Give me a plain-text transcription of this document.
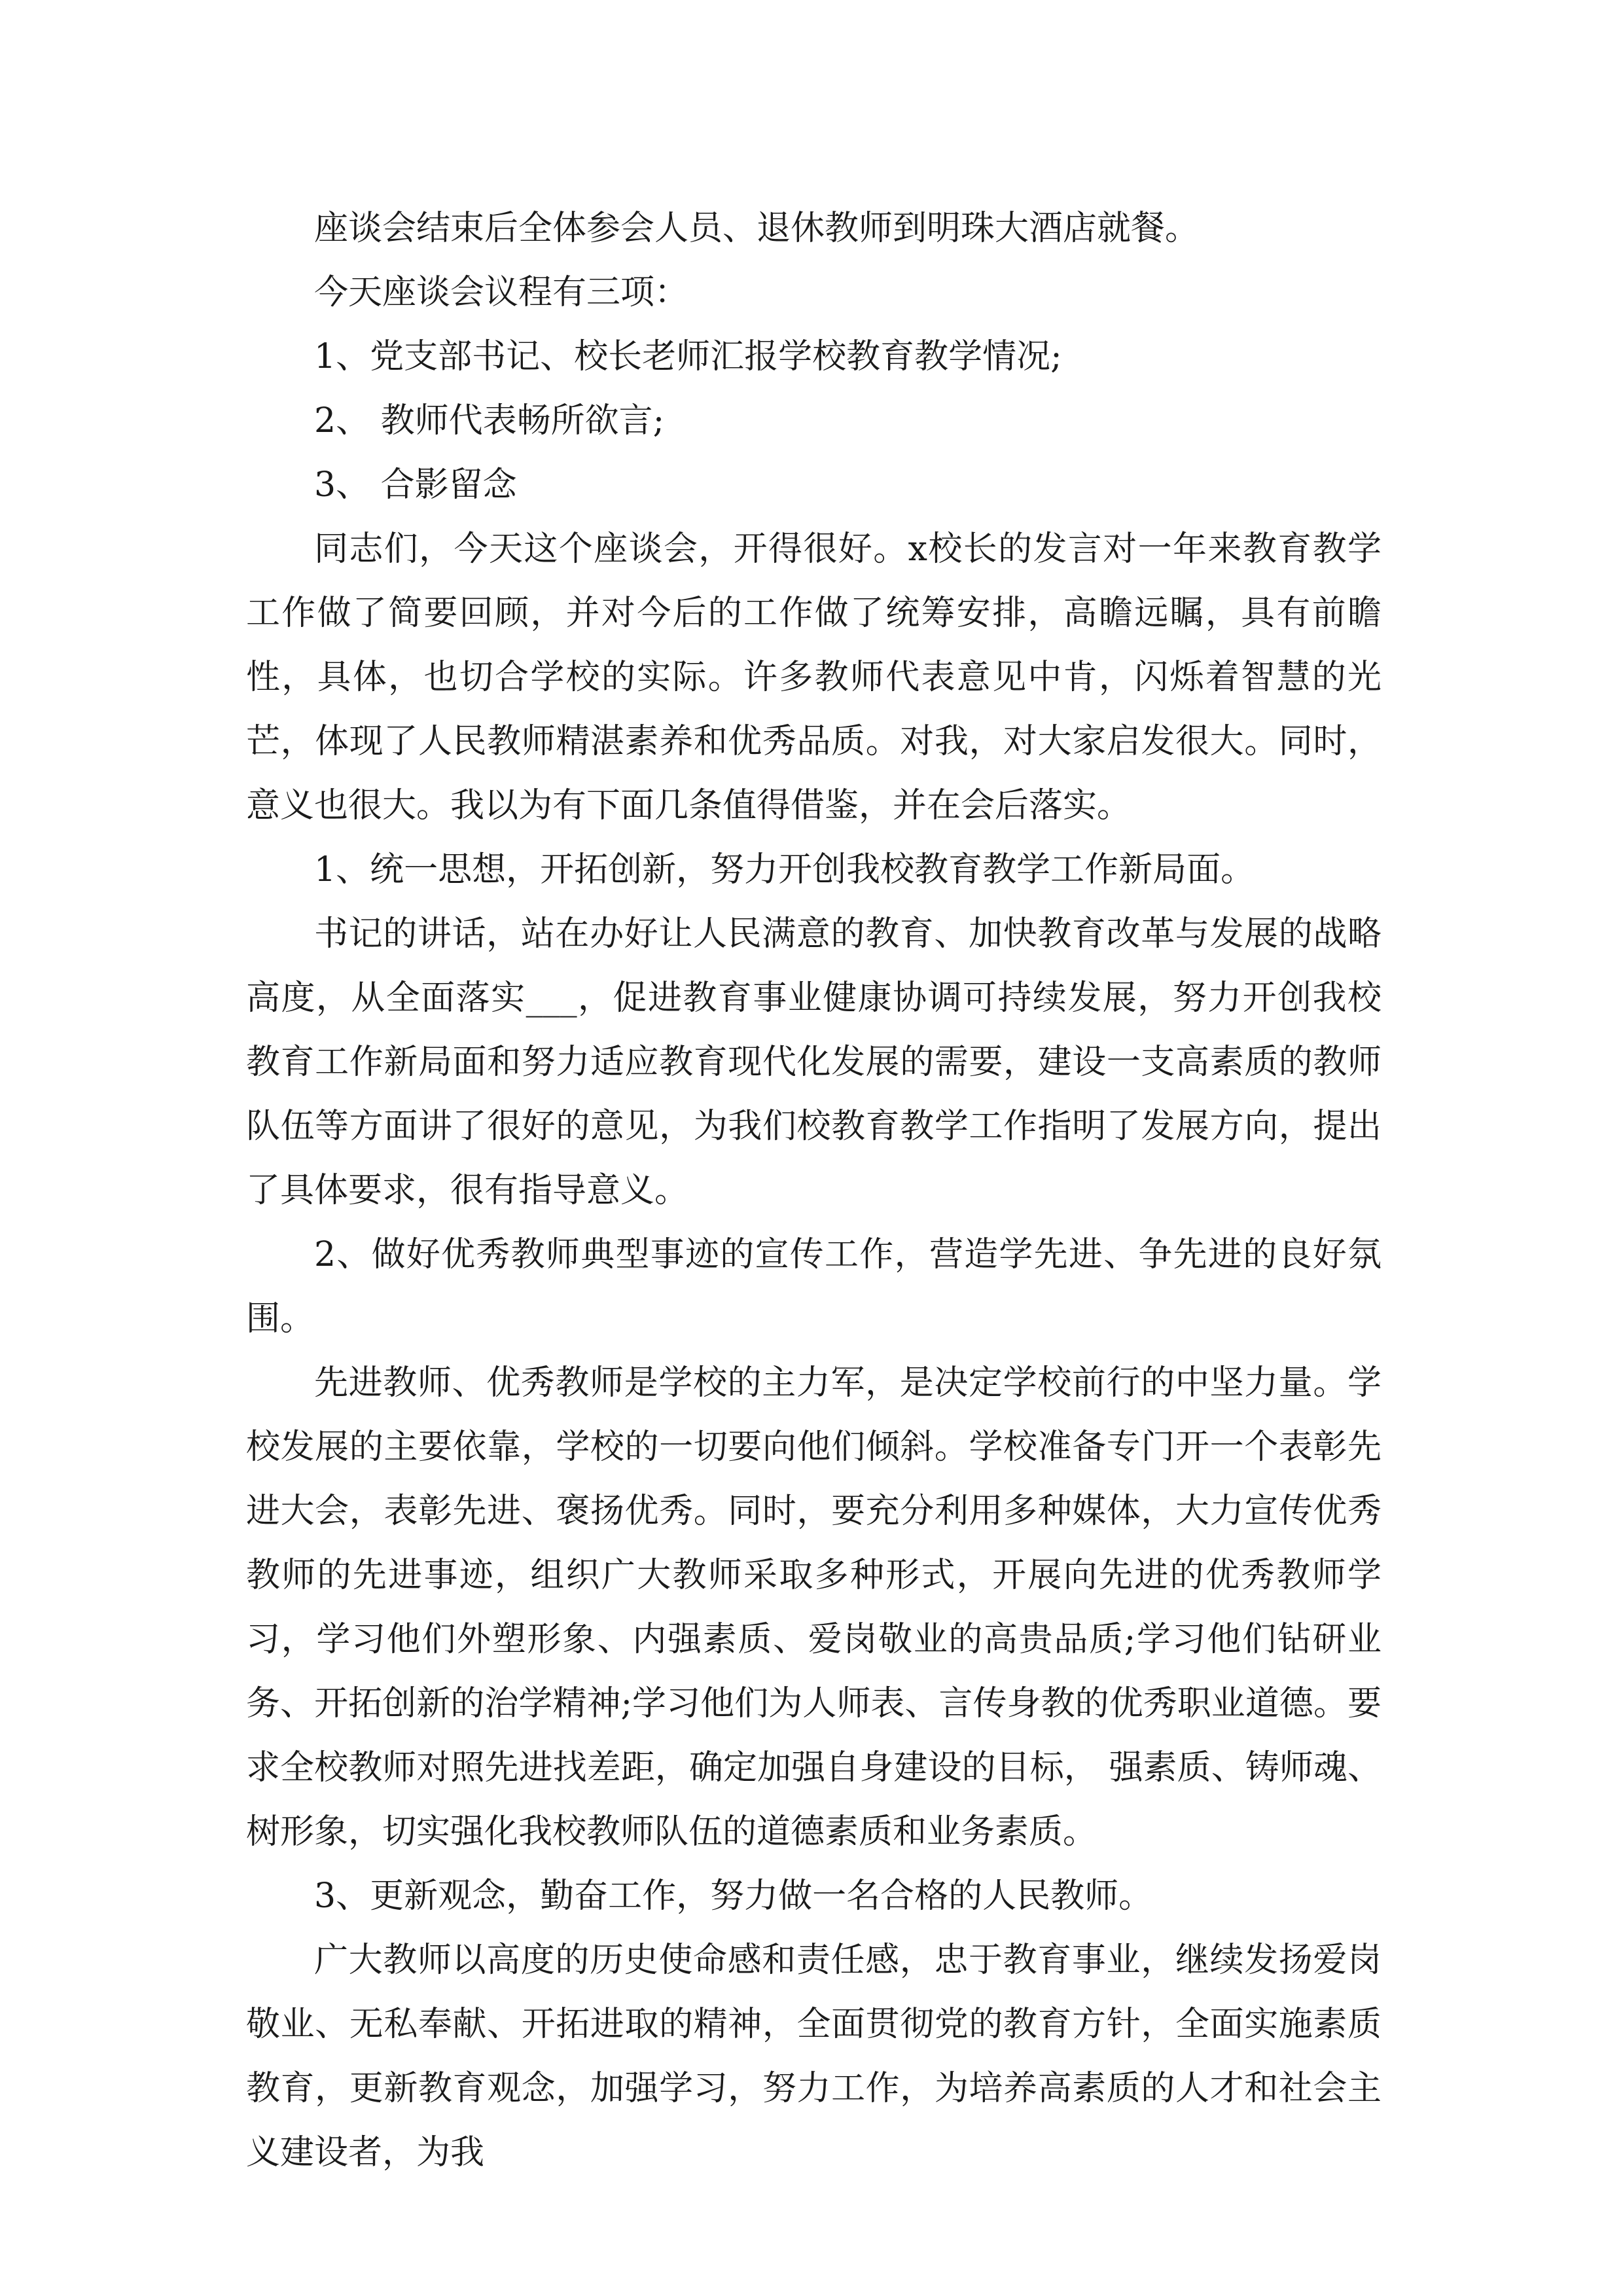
座谈会结束后全体参会人员、退休教师到明珠大酒店就餐。

今天座谈会议程有三项：

1、党支部书记、校长老师汇报学校教育教学情况;

2、 教师代表畅所欲言;

3、 合影留念

同志们，今天这个座谈会，开得很好。x校长的发言对一年来教育教学工作做了简要回顾，并对今后的工作做了统筹安排，高瞻远瞩，具有前瞻性，具体，也切合学校的实际。许多教师代表意见中肯，闪烁着智慧的光芒，体现了人民教师精湛素养和优秀品质。对我，对大家启发很大。同时，意义也很大。我以为有下面几条值得借鉴，并在会后落实。

1、统一思想，开拓创新，努力开创我校教育教学工作新局面。

书记的讲话，站在办好让人民满意的教育、加快教育改革与发展的战略高度，从全面落实___，促进教育事业健康协调可持续发展，努力开创我校教育工作新局面和努力适应教育现代化发展的需要，建设一支高素质的教师队伍等方面讲了很好的意见，为我们校教育教学工作指明了发展方向，提出了具体要求，很有指导意义。

2、做好优秀教师典型事迹的宣传工作，营造学先进、争先进的良好氛围。

先进教师、优秀教师是学校的主力军，是决定学校前行的中坚力量。学校发展的主要依靠，学校的一切要向他们倾斜。学校准备专门开一个表彰先进大会，表彰先进、褒扬优秀。同时，要充分利用多种媒体，大力宣传优秀教师的先进事迹，组织广大教师采取多种形式，开展向先进的优秀教师学习，学习他们外塑形象、内强素质、爱岗敬业的高贵品质;学习他们钻研业务、开拓创新的治学精神;学习他们为人师表、言传身教的优秀职业道德。要求全校教师对照先进找差距，确定加强自身建设的目标， 强素质、铸师魂、树形象，切实强化我校教师队伍的道德素质和业务素质。

3、更新观念，勤奋工作，努力做一名合格的人民教师。

广大教师以高度的历史使命感和责任感，忠于教育事业，继续发扬爱岗敬业、无私奉献、开拓进取的精神，全面贯彻党的教育方针，全面实施素质教育，更新教育观念，加强学习，努力工作，为培养高素质的人才和社会主义建设者，为我
